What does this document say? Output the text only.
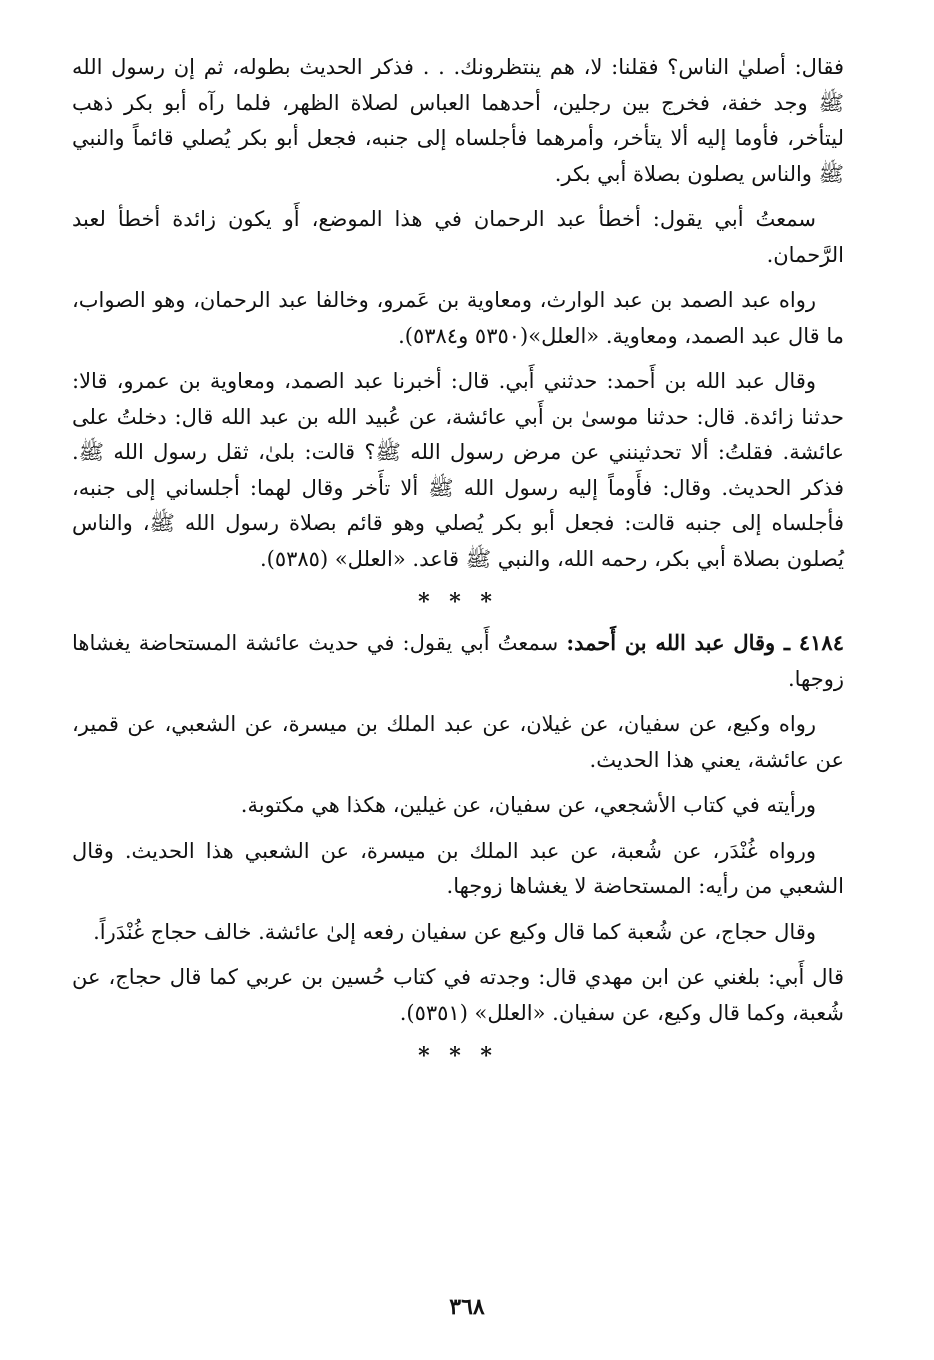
فقال: أصليٰ الناس؟ فقلنا: لا، هم ينتظرونك. . . فذكر الحديث بطوله، ثم إن رسول الله ﷺ وجد خفة، فخرج بين رجلين، أحدهما العباس لصلاة الظهر، فلما رآه أبو بكر ذهب ليتأخر، فأوما إليه ألا يتأخر، وأمرهما فأجلساه إلى جنبه، فجعل أبو بكر يُصلي قائماً والنبي ﷺ والناس يصلون بصلاة أبي بكر.

سمعتُ أبي يقول: أخطأ عبد الرحمان في هذا الموضع، أَو يكون زائدة أخطأ لعبد الرَّحمان.

رواه عبد الصمد بن عبد الوارث، ومعاوية بن عَمرو، وخالفا عبد الرحمان، وهو الصواب، ما قال عبد الصمد، ومعاوية. «العلل»(٥٣٥٠ و٥٣٨٤).

وقال عبد الله بن أَحمد: حدثني أَبي. قال: أخبرنا عبد الصمد، ومعاوية بن عمرو، قالا: حدثنا زائدة. قال: حدثنا موسىٰ بن أَبي عائشة، عن عُبيد الله بن عبد الله قال: دخلتُ على عائشة. فقلتُ: ألا تحدثينني عن مرض رسول الله ﷺ؟ قالت: بلىٰ، ثقل رسول الله ﷺ. فذكر الحديث. وقال: فأَوماً إليه رسول الله ﷺ ألا تأَخر وقال لهما: أجلساني إلى جنبه، فأجلساه إلى جنبه قالت: فجعل أبو بكر يُصلي وهو قائم بصلاة رسول الله ﷺ، والناس يُصلون بصلاة أبي بكر، رحمه الله، والنبي ﷺ قاعد. «العلل» (٥٣٨٥).

* * *

٤١٨٤ ـ وقال عبد الله بن أَحمد: سمعتُ أَبي يقول: في حديث عائشة المستحاضة يغشاها زوجها.

رواه وكيع، عن سفيان، عن غيلان، عن عبد الملك بن ميسرة، عن الشعبي، عن قمير، عن عائشة، يعني هذا الحديث.

ورأيته في كتاب الأشجعي، عن سفيان، عن غيلين، هكذا هي مكتوبة.

ورواه غُنْدَر، عن شُعبة، عن عبد الملك بن ميسرة، عن الشعبي هذا الحديث. وقال الشعبي من رأيه: المستحاضة لا يغشاها زوجها.

وقال حجاج، عن شُعبة كما قال وكيع عن سفيان رفعه إلىٰ عائشة. خالف حجاج غُنْدَراً.

قال أَبي: بلغني عن ابن مهدي قال: وجدته في كتاب حُسين بن عربي كما قال حجاج، عن شُعبة، وكما قال وكيع، عن سفيان. «العلل» (٥٣٥١).

* * *
٣٦٨
